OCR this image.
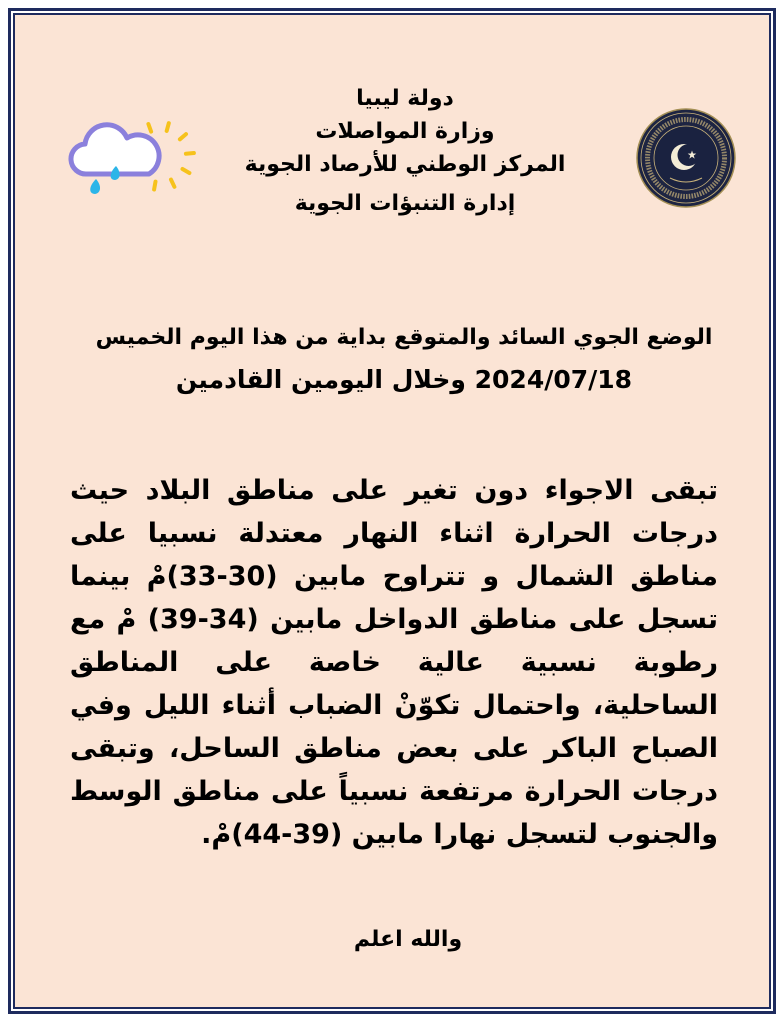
دولة ليبيا
وزارة المواصلات
المركز الوطني للأرصاد الجوية
إدارة التنبؤات الجوية
الوضع الجوي السائد والمتوقع بداية من هذا اليوم الخميس
2024/07/18 وخلال اليومين القادمين
تبقى الاجواء دون تغير على مناطق البلاد حيث
درجات الحرارة اثناء النهار معتدلة نسبيا على
مناطق الشمال و تتراوح مابين (30-33)مْ بينما
تسجل على مناطق الدواخل مابين (34-39) مْ مع
رطوبة نسبية عالية خاصة على المناطق
الساحلية، واحتمال تكوّنْ الضباب أثناء الليل وفي
الصباح الباكر على بعض مناطق الساحل، وتبقى
درجات الحرارة مرتفعة نسبياً على مناطق الوسط
والجنوب لتسجل نهارا مابين (39-44)مْ.
والله اعلم
